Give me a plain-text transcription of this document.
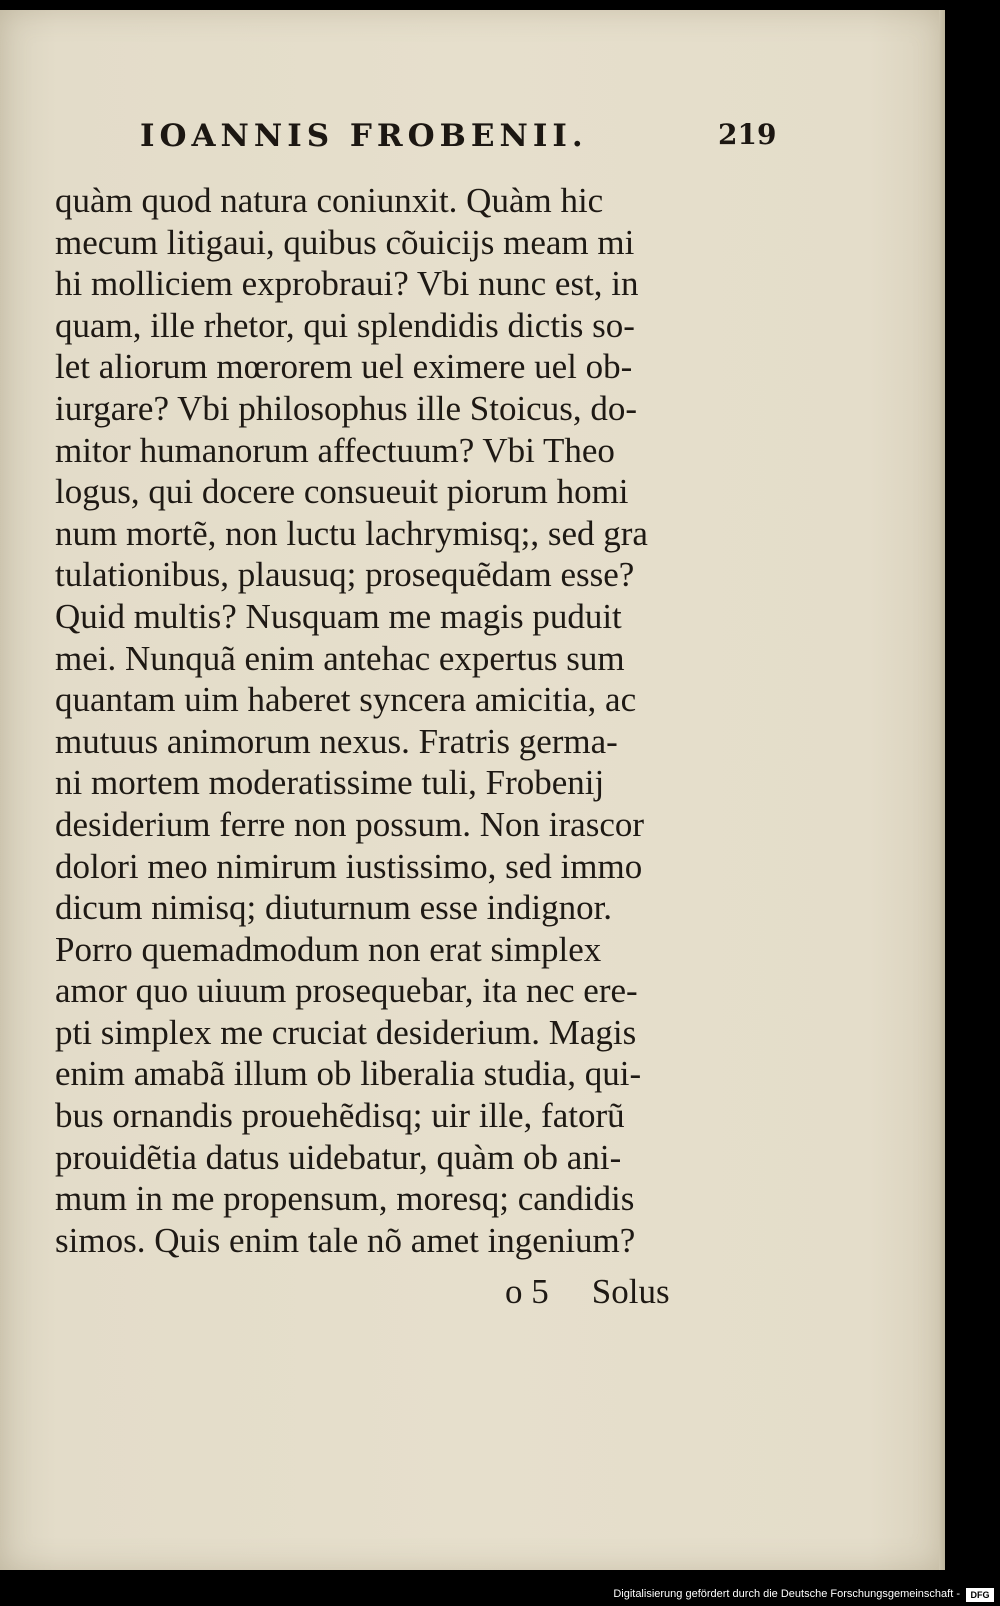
IOANNIS FROBENII.	219
quàm quod natura coniunxit. Quàm hic
mecum litigaui, quibus cõuicijs meam mi
hi molliciem exprobraui? Vbi nunc est, in
quam, ille rhetor, qui splendidis dictis so-
let aliorum mœrorem uel eximere uel ob-
iurgare? Vbi philosophus ille Stoicus, do-
mitor humanorum affectuum? Vbi Theo
logus, qui docere consueuit piorum homi
num mortẽ, non luctu lachrymisq;, sed gra
tulationibus, plausuq; prosequẽdam esse?
Quid multis? Nusquam me magis puduit
mei. Nunquã enim antehac expertus sum
quantam uim haberet syncera amicitia, ac
mutuus animorum nexus. Fratris germa-
ni mortem moderatissime tuli, Frobenij
desiderium ferre non possum. Non irascor
dolori meo nimirum iustissimo, sed immo
dicum nimisq; diuturnum esse indignor.
Porro quemadmodum non erat simplex
amor quo uiuum prosequebar, ita nec ere-
pti simplex me cruciat desiderium. Magis
enim amabã illum ob liberalia studia, qui-
bus ornandis prouehẽdisq; uir ille, fatorũ
prouidẽtia datus uidebatur, quàm ob ani-
mum in me propensum, moresq; candidis
simos. Quis enim tale nõ amet ingenium?
o 5 Solus
Digitalisierung gefördert durch die Deutsche Forschungsgemeinschaft -	DFG
